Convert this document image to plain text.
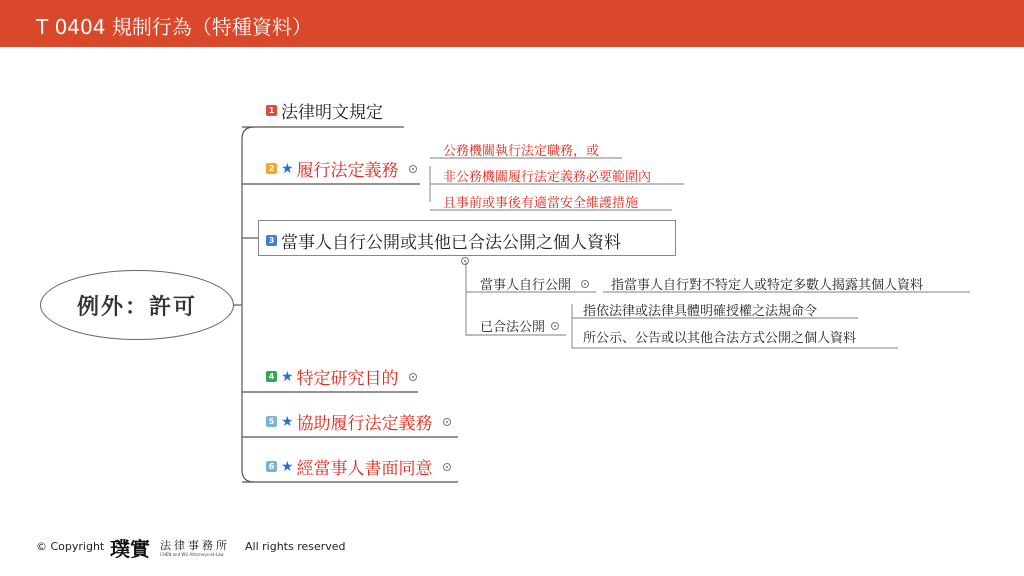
T 0404 規制行為（特種資料）
例外：許可
1 法律明文規定
2 ★ 履行法定義務
公務機關執行法定職務，或
非公務機關履行法定義務必要範圍內
且事前或事後有適當安全維護措施
3 當事人自行公開或其他已合法公開之個人資料
當事人自行公開	指當事人自行對不特定人或特定多數人揭露其個人資料
已合法公開
指依法律或法律具體明確授權之法規命令
所公示、公告或以其他合法方式公開之個人資料
4 ★ 特定研究目的
5 ★ 協助履行法定義務
6 ★ 經當事人書面同意
© Copyright 璞實 法律事務所
CHEN and WU Attorneys-at-Law
All rights reserved
